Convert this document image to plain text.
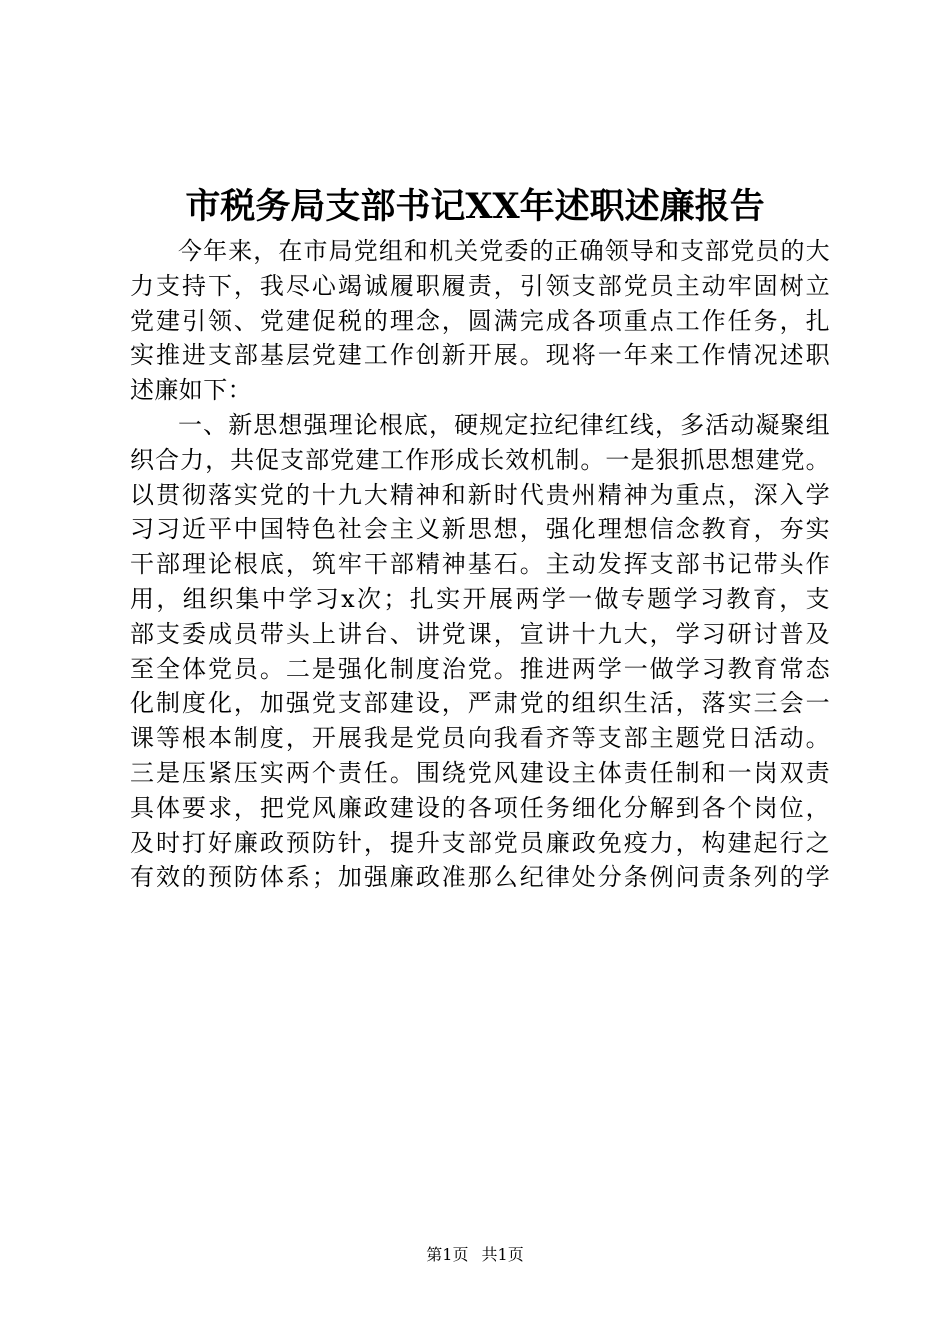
市税务局支部书记XX年述职述廉报告
今年来，在市局党组和机关党委的正确领导和支部党员的大
力支持下，我尽心竭诚履职履责，引领支部党员主动牢固树立
党建引领、党建促税的理念，圆满完成各项重点工作任务，扎
实推进支部基层党建工作创新开展。现将一年来工作情况述职
述廉如下：
一、新思想强理论根底，硬规定拉纪律红线，多活动凝聚组
织合力，共促支部党建工作形成长效机制。一是狠抓思想建党。
以贯彻落实党的十九大精神和新时代贵州精神为重点，深入学
习习近平中国特色社会主义新思想，强化理想信念教育，夯实
干部理论根底，筑牢干部精神基石。主动发挥支部书记带头作
用，组织集中学习x次；扎实开展两学一做专题学习教育，支
部支委成员带头上讲台、讲党课，宣讲十九大，学习研讨普及
至全体党员。二是强化制度治党。推进两学一做学习教育常态
化制度化，加强党支部建设，严肃党的组织生活，落实三会一
课等根本制度，开展我是党员向我看齐等支部主题党日活动。
三是压紧压实两个责任。围绕党风建设主体责任制和一岗双责
具体要求，把党风廉政建设的各项任务细化分解到各个岗位，
及时打好廉政预防针，提升支部党员廉政免疫力，构建起行之
有效的预防体系；加强廉政准那么纪律处分条例问责条列的学
第1页 共1页
